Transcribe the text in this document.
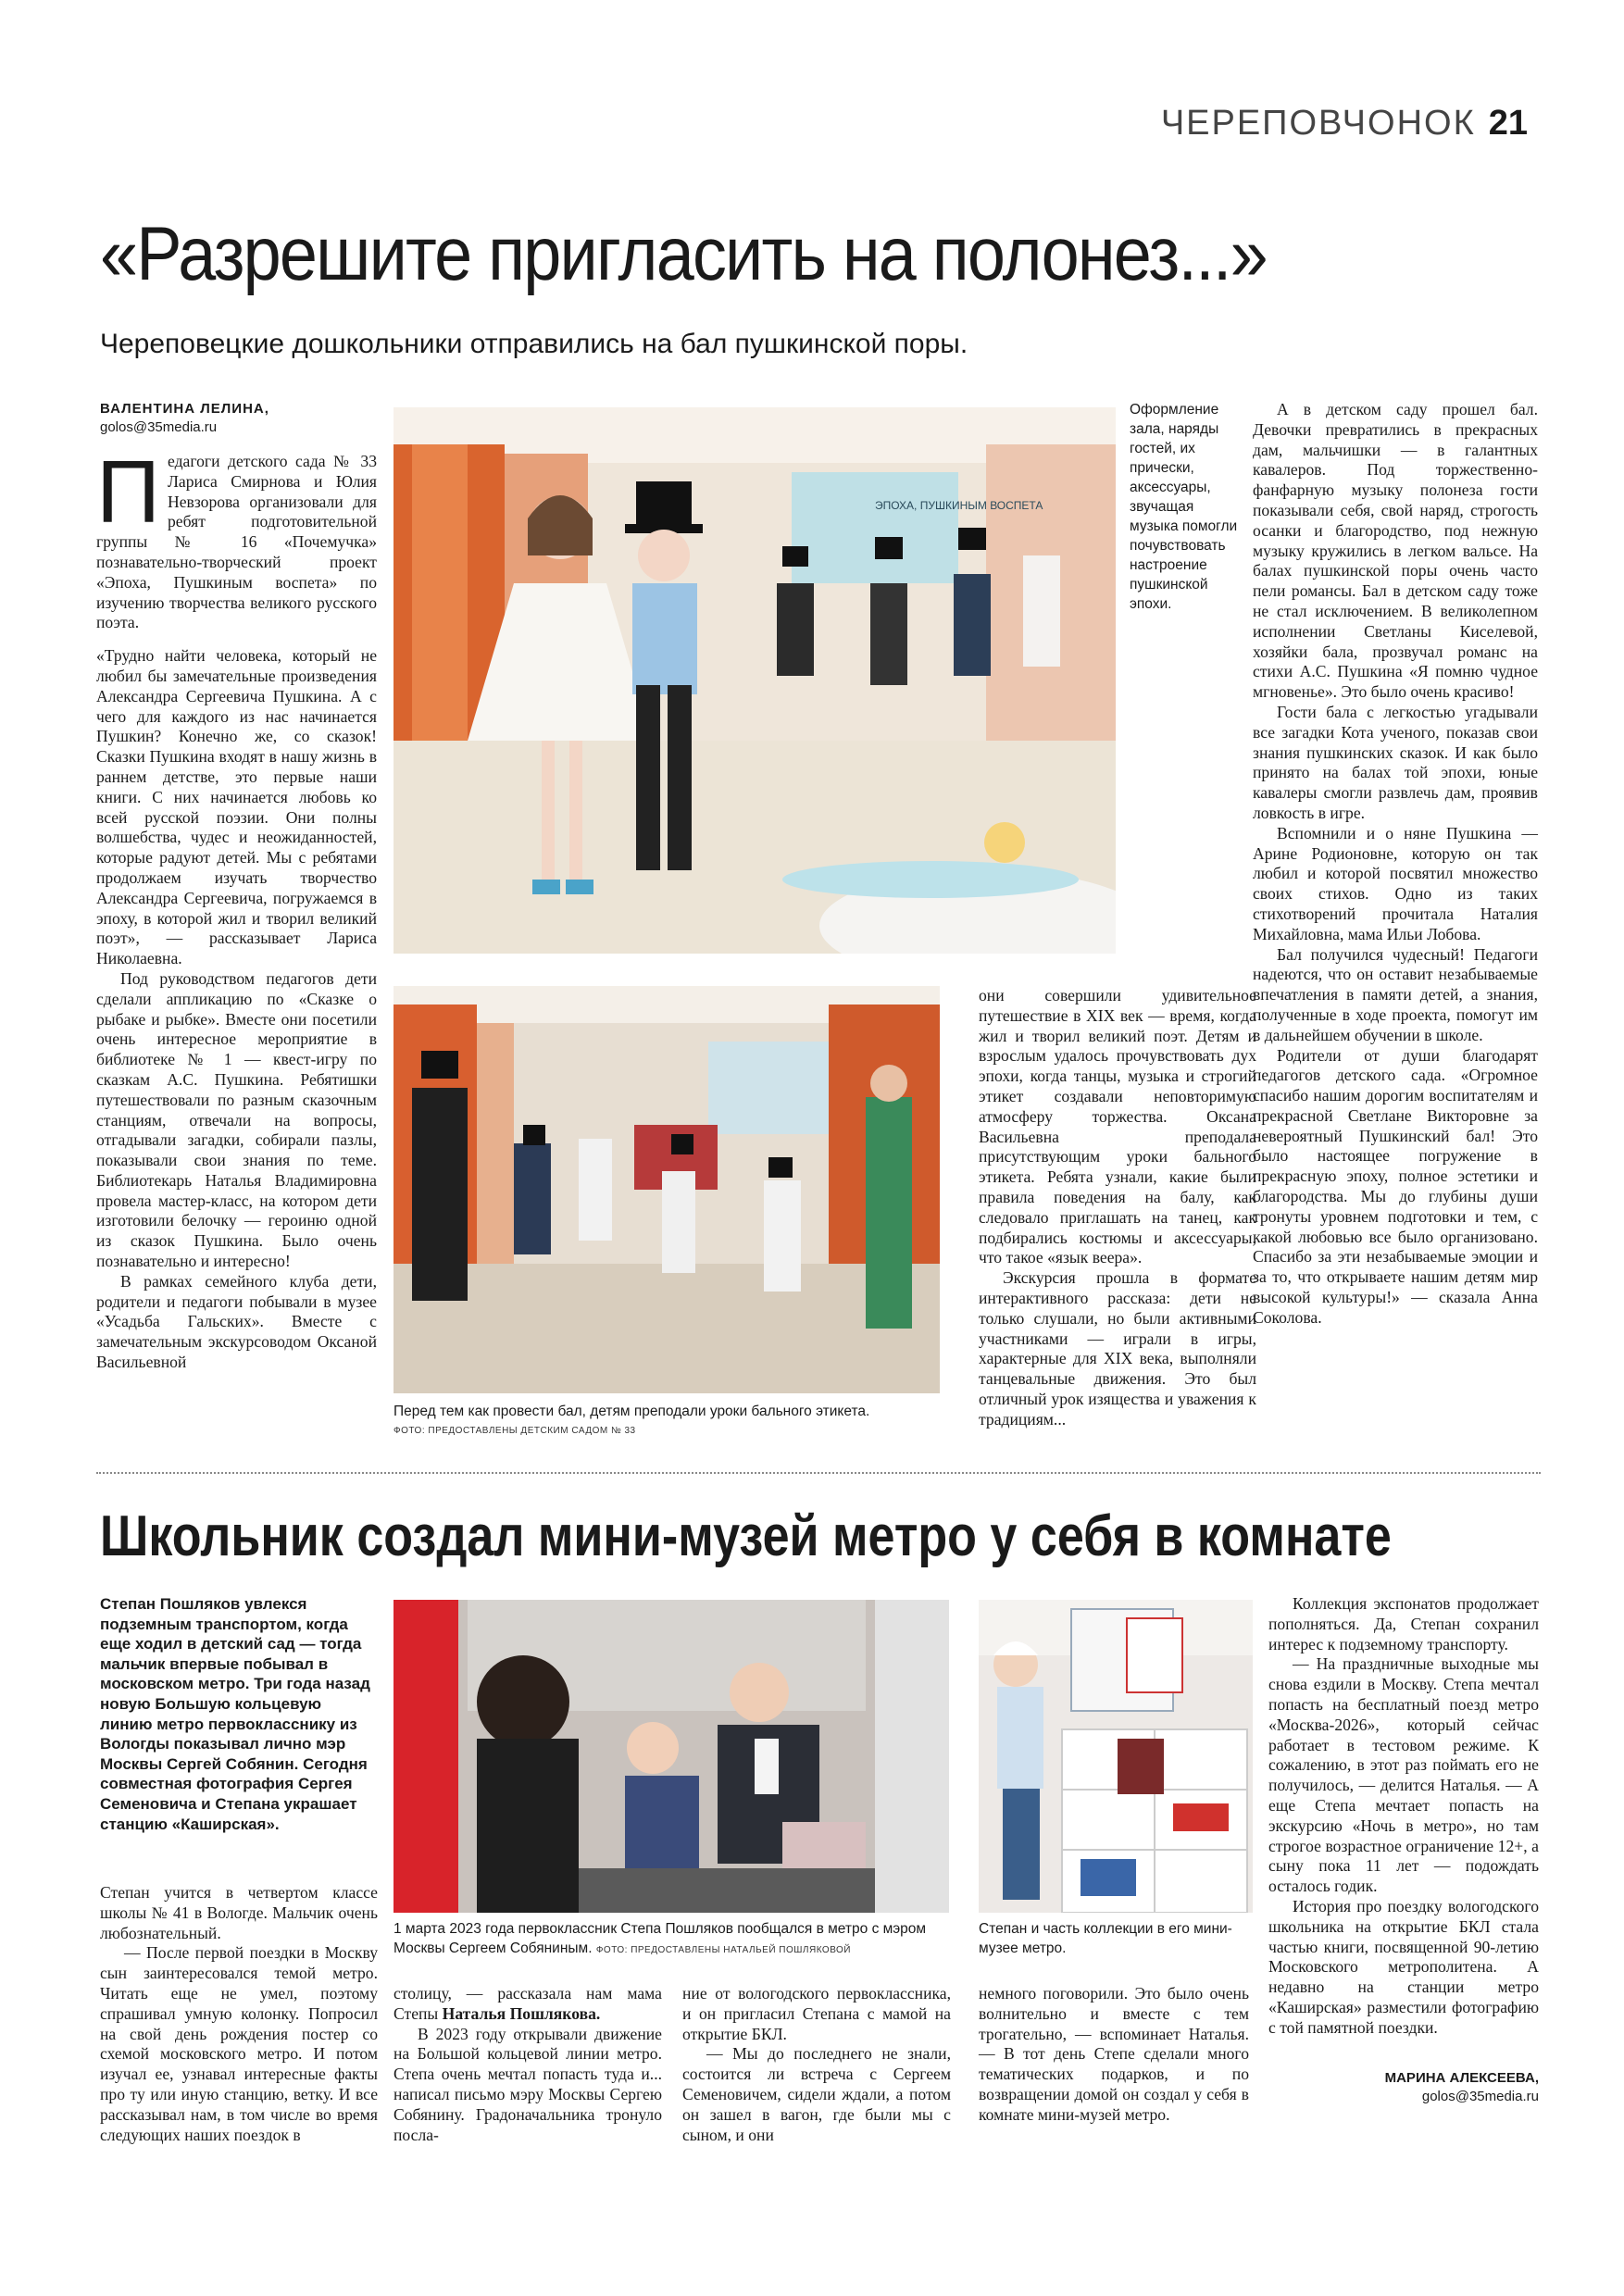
ЧЕРЕПОВЧОНОК 21
«Разрешите пригласить на полонез...»
Череповецкие дошкольники отправились на бал пушкинской поры.
ВАЛЕНТИНА ЛЕЛИНА,
golos@35media.ru

Педагоги детского сада № 33 Лариса Смирнова и Юлия Невзорова организовали для ребят подготовительной группы № 16 «Почемучка» познавательно-творческий проект «Эпоха, Пушкиным воспета» по изучению творчества великого русского поэта.

«Трудно найти человека, который не любил бы замечательные произведения Александра Сергеевича Пушкина. А с чего для каждого из нас начинается Пушкин? Конечно же, со сказок! Сказки Пушкина входят в нашу жизнь в раннем детстве, это первые наши книги. С них начинается любовь ко всей русской поэзии. Они полны волшебства, чудес и неожиданностей, которые радуют детей. Мы с ребятами продолжаем изучать творчество Александра Сергеевича, погружаемся в эпоху, в которой жил и творил великий поэт», — рассказывает Лариса Николаевна.

Под руководством педагогов дети сделали аппликацию по «Сказке о рыбаке и рыбке». Вместе они посетили очень интересное мероприятие в библиотеке № 1 — квест-игру по сказкам А.С. Пушкина. Ребятишки путешествовали по разным сказочным станциям, отвечали на вопросы, отгадывали загадки, собирали пазлы, показывали свои знания по теме. Библиотекарь Наталья Владимировна провела мастер-класс, на котором дети изготовили белочку — героиню одной из сказок Пушкина. Было очень познавательно и интересно!

В рамках семейного клуба дети, родители и педагоги побывали в музее «Усадьба Гальских». Вместе с замечательным экскурсоводом Оксаной Васильевной

ЭПОХА, ПУШКИНЫМ ВОСПЕТА
Оформление зала, наряды гостей, их прически, аксессуары, звучащая музыка помогли почувствовать настроение пушкинской эпохи.
Перед тем как провести бал, детям преподали уроки бального этикета.
ФОТО: ПРЕДОСТАВЛЕНЫ ДЕТСКИМ САДОМ № 33

они совершили удивительное путешествие в XIX век — время, когда жил и творил великий поэт. Детям и взрослым удалось прочувствовать дух эпохи, когда танцы, музыка и строгий этикет создавали неповторимую атмосферу торжества. Оксана Васильевна преподала присутствующим уроки бального этикета. Ребята узнали, какие были правила поведения на балу, как следовало приглашать на танец, как подбирались костюмы и аксессуары, что такое «язык веера».

Экскурсия прошла в формате интерактивного рассказа: дети не только слушали, но были активными участниками — играли в игры, характерные для XIX века, выполняли танцевальные движения. Это был отличный урок изящества и уважения к традициям...

А в детском саду прошел бал. Девочки превратились в прекрасных дам, мальчишки — в галантных кавалеров. Под торжественно-фанфарную музыку полонеза гости показывали себя, свой наряд, строгость осанки и благородство, под нежную музыку кружились в легком вальсе. На балах пушкинской поры очень часто пели романсы. Бал в детском саду тоже не стал исключением. В великолепном исполнении Светланы Киселевой, хозяйки бала, прозвучал романс на стихи А.С. Пушкина «Я помню чудное мгновенье». Это было очень красиво!

Гости бала с легкостью угадывали все загадки Кота ученого, показав свои знания пушкинских сказок. И как было принято на балах той эпохи, юные кавалеры смогли развлечь дам, проявив ловкость в игре.

Вспомнили и о няне Пушкина — Арине Родионовне, которую он так любил и которой посвятил множество своих стихов. Одно из таких стихотворений прочитала Наталия Михайловна, мама Ильи Лобова.

Бал получился чудесный! Педагоги надеются, что он оставит незабываемые впечатления в памяти детей, а знания, полученные в ходе проекта, помогут им в дальнейшем обучении в школе.

Родители от души благодарят педагогов детского сада. «Огромное спасибо нашим дорогим воспитателям и прекрасной Светлане Викторовне за невероятный Пушкинский бал! Это было настоящее погружение в прекрасную эпоху, полное эстетики и благородства. Мы до глубины души тронуты уровнем подготовки и тем, с какой любовью все было организовано. Спасибо за эти незабываемые эмоции и за то, что открываете нашим детям мир высокой культуры!» — сказала Анна Соколова.

Школьник создал мини-музей метро у себя в комнате
Степан Пошляков увлекся подземным транспортом, когда еще ходил в детский сад — тогда мальчик впервые побывал в московском метро. Три года назад новую Большую кольцевую линию метро первокласснику из Вологды показывал лично мэр Москвы Сергей Собянин. Сегодня совместная фотография Сергея Семеновича и Степана украшает станцию «Каширская».

Степан учится в четвертом классе школы № 41 в Вологде. Мальчик очень любознательный.

— После первой поездки в Москву сын заинтересовался темой метро. Читать еще не умел, поэтому спрашивал умную колонку. Попросил на свой день рождения постер со схемой московского метро. И потом изучал ее, узнавал интересные факты про ту или иную станцию, ветку. И все рассказывал нам, в том числе во время следующих наших поездок в

1 марта 2023 года первоклассник Степа Пошляков пообщался в метро с мэром Москвы Сергеем Собяниным. ФОТО: ПРЕДОСТАВЛЕНЫ НАТАЛЬЕЙ ПОШЛЯКОВОЙ
Степан и часть коллекции в его мини-музее метро.

столицу, — рассказала нам мама Степы Наталья Пошлякова.

В 2023 году открывали движение на Большой кольцевой линии метро. Степа очень мечтал попасть туда и... написал письмо мэру Москвы Сергею Собянину. Градоначальника тронуло посла-

ние от вологодского первоклассника, и он пригласил Степана с мамой на открытие БКЛ.

— Мы до последнего не знали, состоится ли встреча с Сергеем Семеновичем, сидели ждали, а потом он зашел в вагон, где были мы с сыном, и они

немного поговорили. Это было очень волнительно и вместе с тем трогательно, — вспоминает Наталья. — В тот день Степе сделали много тематических подарков, и по возвращении домой он создал у себя в комнате мини-музей метро.

Коллекция экспонатов продолжает пополняться. Да, Степан сохранил интерес к подземному транспорту.

— На праздничные выходные мы снова ездили в Москву. Степа мечтал попасть на бесплатный поезд метро «Москва-2026», который сейчас работает в тестовом режиме. К сожалению, в этот раз поймать его не получилось, — делится Наталья. — А еще Степа мечтает попасть на экскурсию «Ночь в метро», но там строгое возрастное ограничение 12+, а сыну пока 11 лет — подождать осталось годик.

История про поездку вологодского школьника на открытие БКЛ стала частью книги, посвященной 90-летию Московского метрополитена. А недавно на станции метро «Каширская» разместили фотографию с той памятной поездки.

МАРИНА АЛЕКСЕЕВА,
golos@35media.ru
